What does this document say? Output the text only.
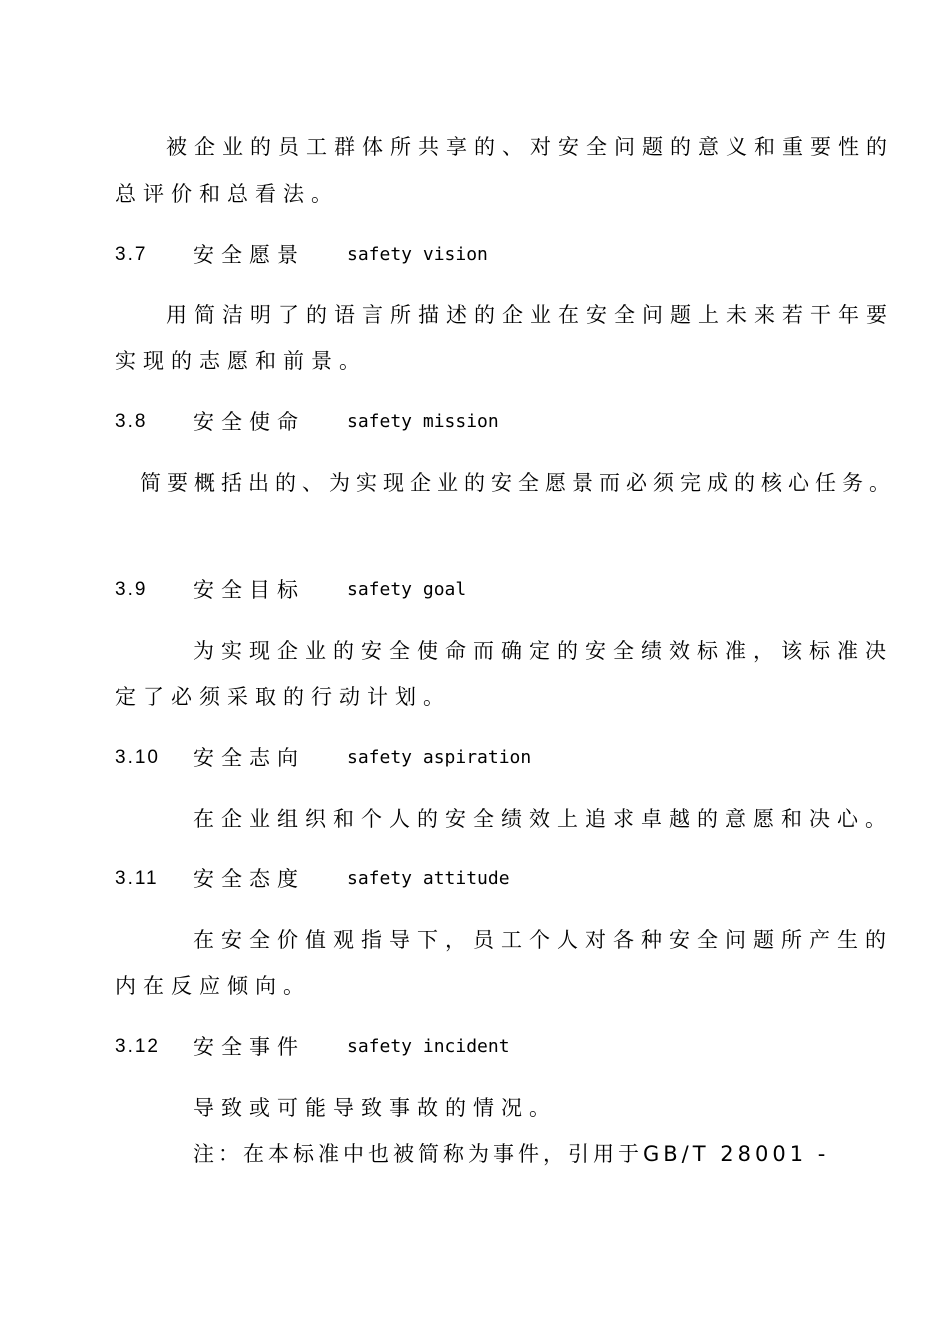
被企业的员工群体所共享的、对安全问题的意义和重要性的
总评价和总看法。
3.7 安全愿景 safety vision
用简洁明了的语言所描述的企业在安全问题上未来若干年要
实现的志愿和前景。
3.8 安全使命 safety mission
简要概括出的、为实现企业的安全愿景而必须完成的核心任务。
3.9 安全目标 safety goal
为实现企业的安全使命而确定的安全绩效标准，该标准决
定了必须采取的行动计划。
3.10 安全志向 safety aspiration
在企业组织和个人的安全绩效上追求卓越的意愿和决心。
3.11 安全态度 safety attitude
在安全价值观指导下，员工个人对各种安全问题所产生的
内在反应倾向。
3.12 安全事件 safety incident
导致或可能导致事故的情况。
注：在本标准中也被简称为事件，引用于GB/T 28001 -
